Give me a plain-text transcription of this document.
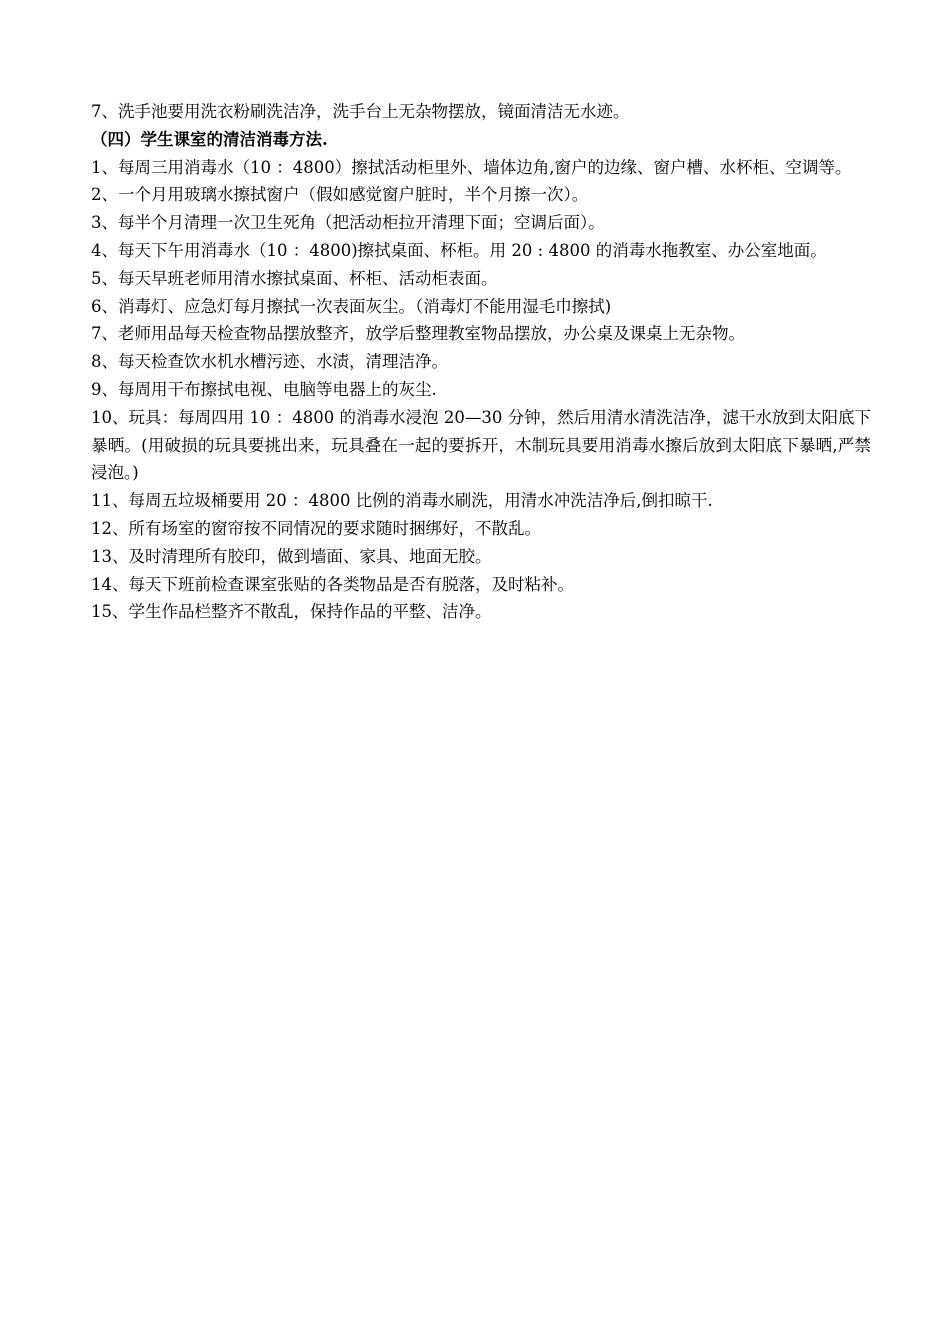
7、洗手池要用洗衣粉刷洗洁净，洗手台上无杂物摆放，镜面清洁无水迹。

（四）学生课室的清洁消毒方法.

1、每周三用消毒水（10 ：4800）擦拭活动柜里外、墙体边角,窗户的边缘、窗户槽、水杯柜、空调等。

2、一个月用玻璃水擦拭窗户（假如感觉窗户脏时，半个月擦一次）。

3、每半个月清理一次卫生死角（把活动柜拉开清理下面；空调后面）。

4、每天下午用消毒水（10 ：4800)擦拭桌面、杯柜。用 20 : 4800 的消毒水拖教室、办公室地面。

5、每天早班老师用清水擦拭桌面、杯柜、活动柜表面。

6、消毒灯、应急灯每月擦拭一次表面灰尘。（消毒灯不能用湿毛巾擦拭)

7、老师用品每天检查物品摆放整齐，放学后整理教室物品摆放，办公桌及课桌上无杂物。

8、每天检查饮水机水槽污迹、水渍，清理洁净。

9、每周用干布擦拭电视、电脑等电器上的灰尘.

10、玩具：每周四用 10 ：4800 的消毒水浸泡 20—30 分钟，然后用清水清洗洁净，滤干水放到太阳底下暴晒。(用破损的玩具要挑出来，玩具叠在一起的要拆开，木制玩具要用消毒水擦后放到太阳底下暴晒,严禁浸泡。)

11、每周五垃圾桶要用 20 ：4800 比例的消毒水刷洗，用清水冲洗洁净后,倒扣晾干.

12、所有场室的窗帘按不同情况的要求随时捆绑好，不散乱。

13、及时清理所有胶印，做到墙面、家具、地面无胶。

14、每天下班前检查课室张贴的各类物品是否有脱落，及时粘补。

15、学生作品栏整齐不散乱，保持作品的平整、洁净。
